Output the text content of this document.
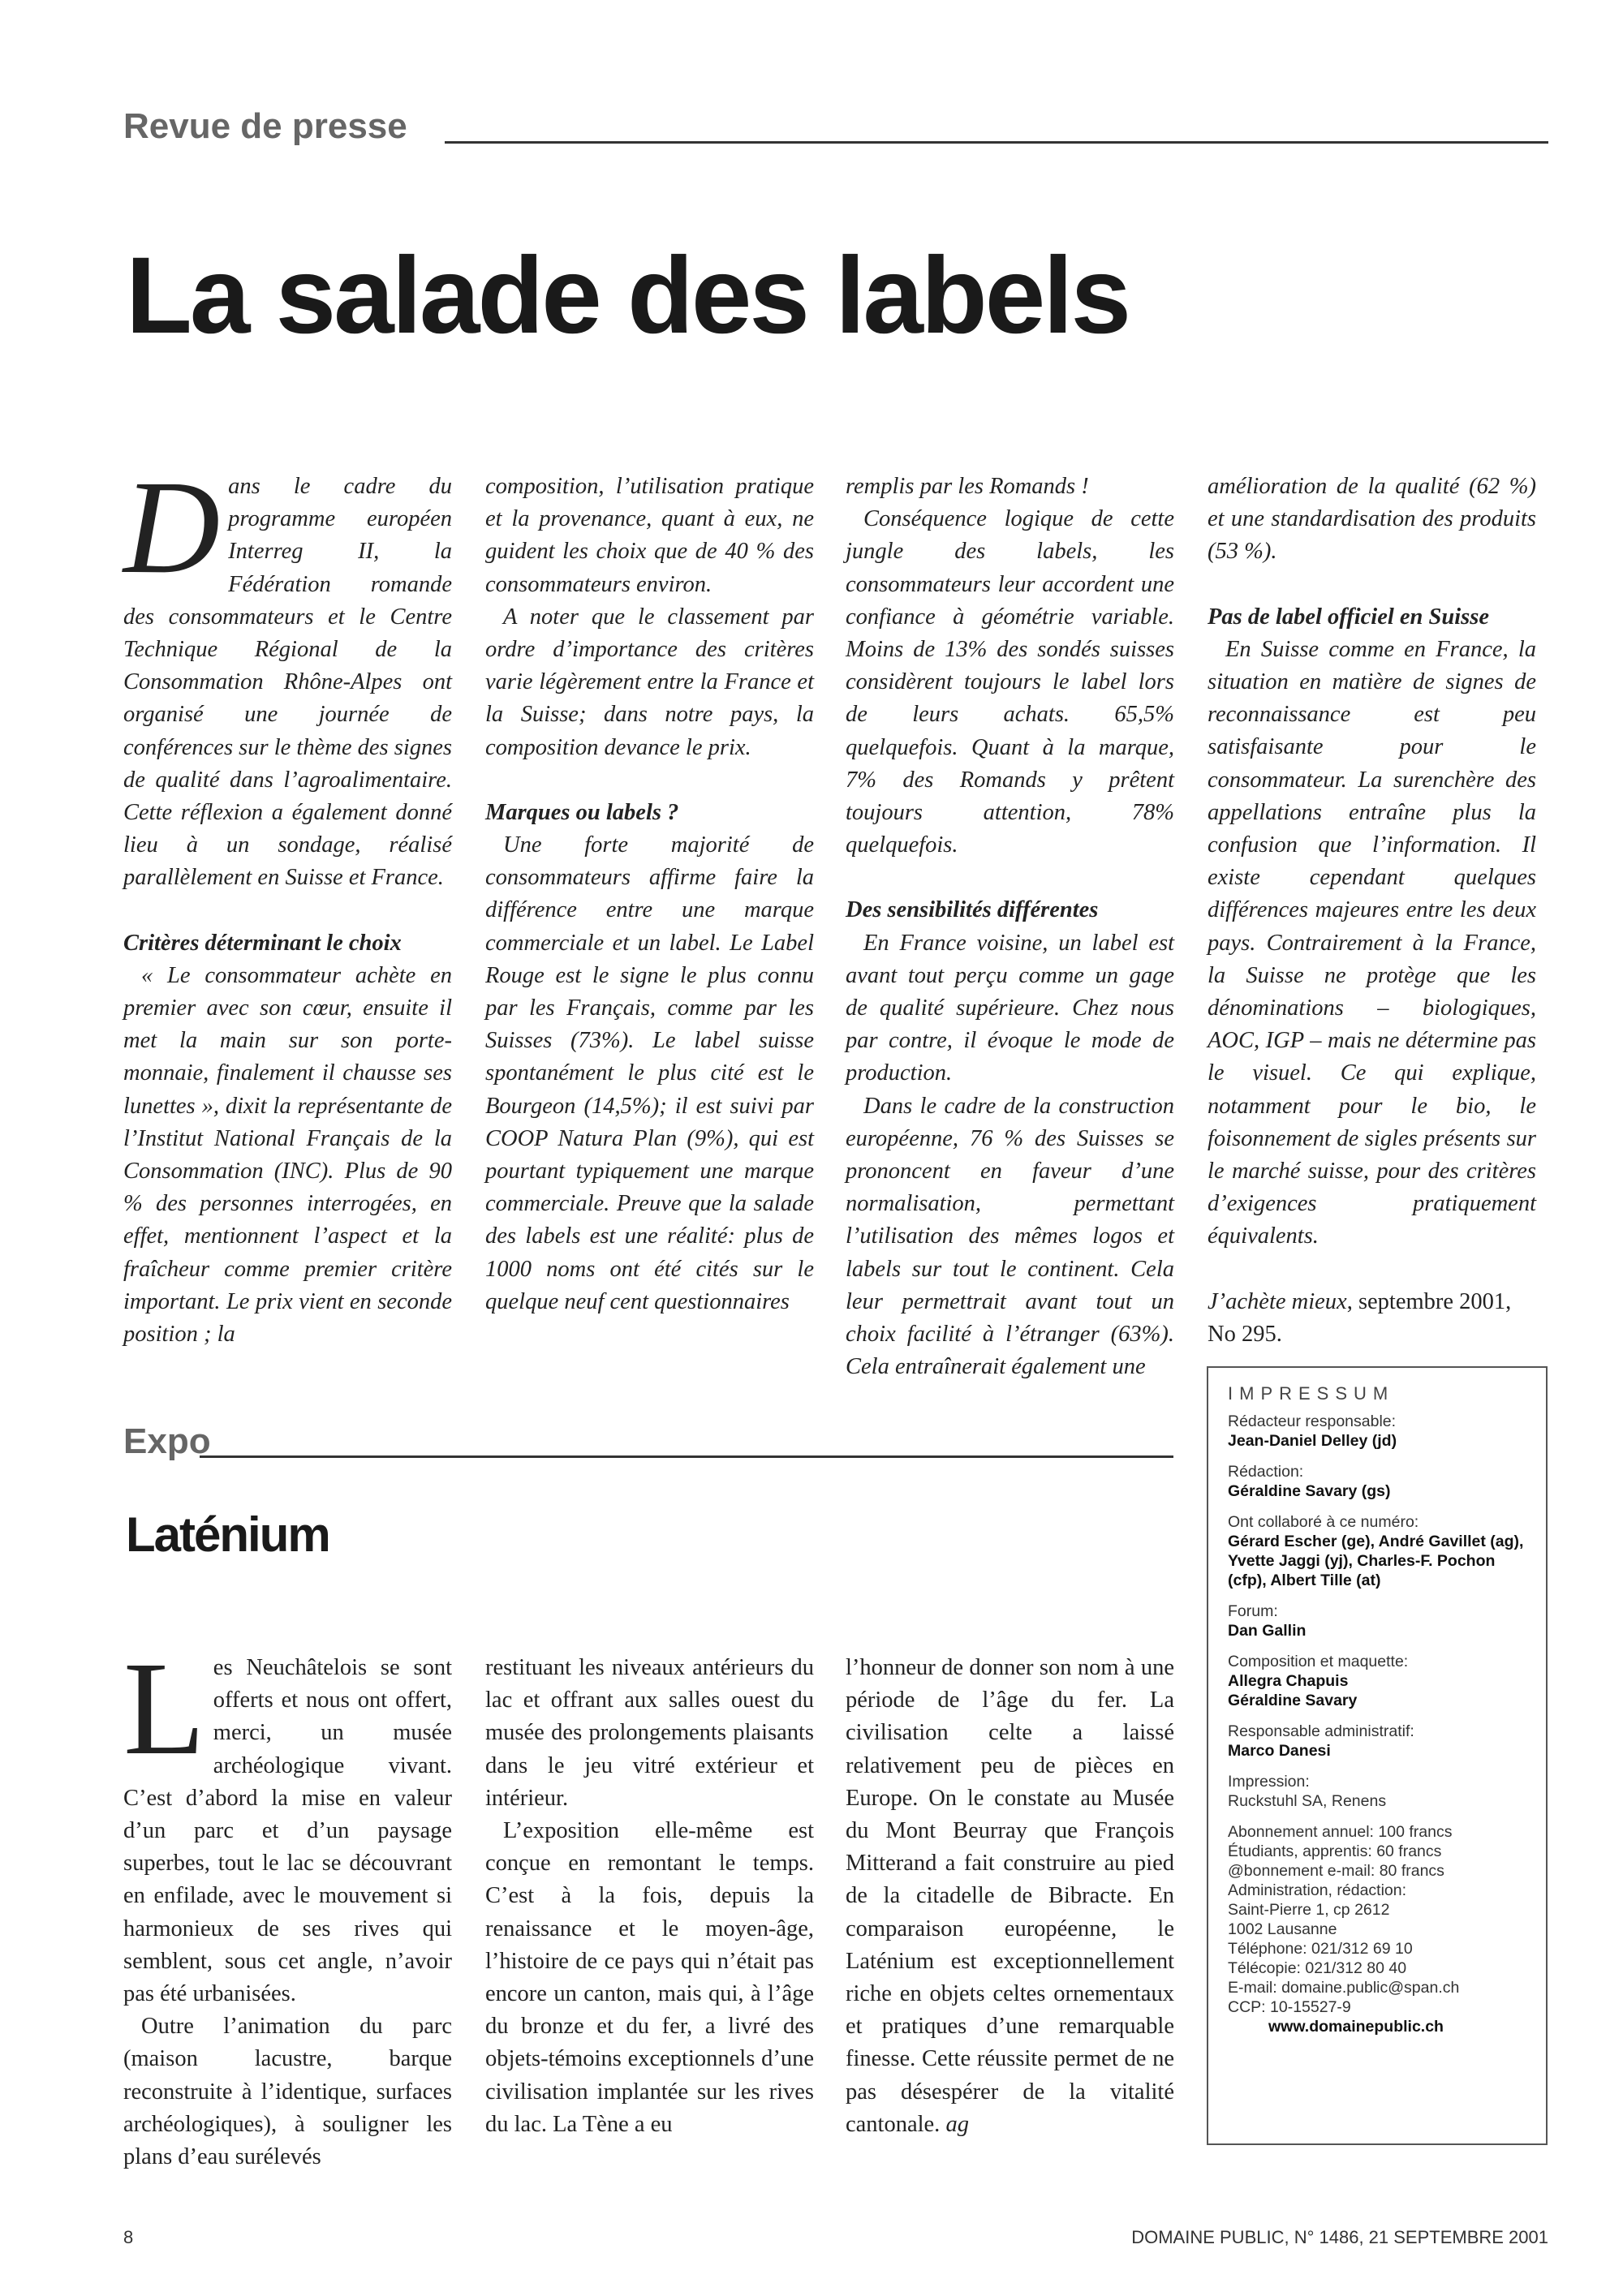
Revue de presse
La salade des labels
D ans le cadre du programme européen Interreg II, la Fédération romande des consommateurs et le Centre Technique Régional de la Consommation Rhône-Alpes ont organisé une journée de conférences sur le thème des signes de qualité dans l’agroalimentaire. Cette réflexion a également donné lieu à un sondage, réalisé parallèlement en Suisse et France.

Critères déterminant le choix

« Le consommateur achète en premier avec son cœur, ensuite il met la main sur son porte-monnaie, finalement il chausse ses lunettes », dixit la représentante de l’Institut National Français de la Consommation (INC). Plus de 90 % des personnes interrogées, en effet, mentionnent l’aspect et la fraîcheur comme premier critère important. Le prix vient en seconde position ; la

composition, l’utilisation pratique et la provenance, quant à eux, ne guident les choix que de 40 % des consommateurs environ.

A noter que le classement par ordre d’importance des critères varie légèrement entre la France et la Suisse; dans notre pays, la composition devance le prix.

Marques ou labels ?

Une forte majorité de consommateurs affirme faire la différence entre une marque commerciale et un label. Le Label Rouge est le signe le plus connu par les Français, comme par les Suisses (73%). Le label suisse spontanément le plus cité est le Bourgeon (14,5%); il est suivi par COOP Natura Plan (9%), qui est pourtant typiquement une marque commerciale. Preuve que la salade des labels est une réalité: plus de 1000 noms ont été cités sur le quelque neuf cent questionnaires

remplis par les Romands !

Conséquence logique de cette jungle des labels, les consommateurs leur accordent une confiance à géométrie variable. Moins de 13% des sondés suisses considèrent toujours le label lors de leurs achats. 65,5% quelquefois. Quant à la marque, 7% des Romands y prêtent toujours attention, 78% quelquefois.

Des sensibilités différentes

En France voisine, un label est avant tout perçu comme un gage de qualité supérieure. Chez nous par contre, il évoque le mode de production.

Dans le cadre de la construction européenne, 76 % des Suisses se prononcent en faveur d’une normalisation, permettant l’utilisation des mêmes logos et labels sur tout le continent. Cela leur permettrait avant tout un choix facilité à l’étranger (63%). Cela entraînerait également une

amélioration de la qualité (62 %) et une standardisation des produits (53 %).

Pas de label officiel en Suisse

En Suisse comme en France, la situation en matière de signes de reconnaissance est peu satisfaisante pour le consommateur. La surenchère des appellations entraîne plus la confusion que l’information. Il existe cependant quelques différences majeures entre les deux pays. Contrairement à la France, la Suisse ne protège que les dénominations – biologiques, AOC, IGP – mais ne détermine pas le visuel. Ce qui explique, notamment pour le bio, le foisonnement de sigles présents sur le marché suisse, pour des critères d’exigences pratiquement équivalents.

J’achète mieux, septembre 2001, No 295.

Expo
Laténium
L es Neuchâtelois se sont offerts et nous ont offert, merci, un musée archéologique vivant. C’est d’abord la mise en valeur d’un parc et d’un paysage superbes, tout le lac se découvrant en enfilade, avec le mouvement si harmonieux de ses rives qui semblent, sous cet angle, n’avoir pas été urbanisées.

Outre l’animation du parc (maison lacustre, barque reconstruite à l’identique, surfaces archéologiques), à souligner les plans d’eau surélevés

restituant les niveaux antérieurs du lac et offrant aux salles ouest du musée des prolongements plaisants dans le jeu vitré extérieur et intérieur.

L’exposition elle-même est conçue en remontant le temps. C’est à la fois, depuis la renaissance et le moyen-âge, l’histoire de ce pays qui n’était pas encore un canton, mais qui, à l’âge du bronze et du fer, a livré des objets-témoins exceptionnels d’une civilisation implantée sur les rives du lac. La Tène a eu

l’honneur de donner son nom à une période de l’âge du fer. La civilisation celte a laissé relativement peu de pièces en Europe. On le constate au Musée du Mont Beurray que François Mitterand a fait construire au pied de la citadelle de Bibracte. En comparaison européenne, le Laténium est exceptionnellement riche en objets celtes ornementaux et pratiques d’une remarquable finesse. Cette réussite permet de ne pas désespérer de la vitalité cantonale. ag

IMPRESSUM
Rédacteur responsable:
Jean-Daniel Delley (jd)
Rédaction:
Géraldine Savary (gs)
Ont collaboré à ce numéro:
Gérard Escher (ge), André Gavillet (ag), Yvette Jaggi (yj), Charles-F. Pochon (cfp), Albert Tille (at)
Forum:
Dan Gallin
Composition et maquette:
Allegra Chapuis
Géraldine Savary
Responsable administratif:
Marco Danesi
Impression:
Ruckstuhl SA, Renens
Abonnement annuel: 100 francs
Étudiants, apprentis: 60 francs
@bonnement e-mail: 80 francs
Administration, rédaction:
Saint-Pierre 1, cp 2612
1002 Lausanne
Téléphone: 021/312 69 10
Télécopie: 021/312 80 40
E-mail: domaine.public@span.ch
CCP: 10-15527-9
www.domainepublic.ch
8	DOMAINE PUBLIC, N° 1486, 21 SEPTEMBRE 2001
